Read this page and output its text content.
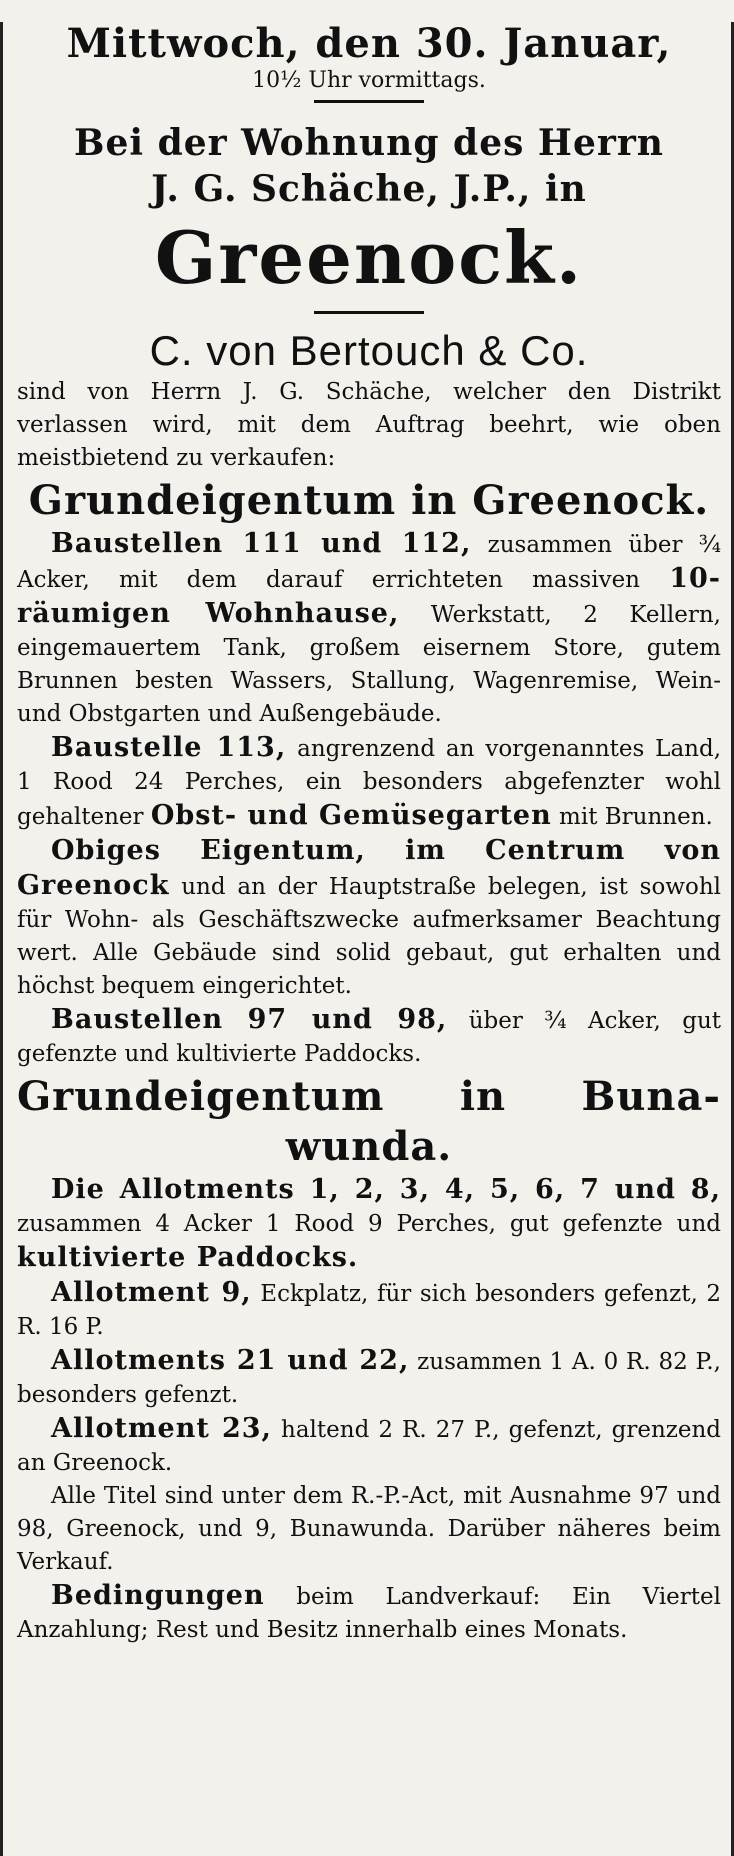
Mittwoch, den 30. Januar,
10½ Uhr vormittags.
Bei der Wohnung des Herrn
J. G. Schäche, J.P., in
Greenock.
C. von Bertouch & Co.

sind von Herrn J. G. Schäche, welcher den Distrikt verlassen wird, mit dem Auftrag beehrt, wie oben meistbietend zu verkaufen:

Grundeigentum in Greenock.

Baustellen 111 und 112, zusammen über ¾ Acker, mit dem darauf errichteten massiven 10-räumigen Wohnhause, Werkstatt, 2 Kellern, eingemauertem Tank, großem eisernem Store, gutem Brunnen besten Wassers, Stallung, Wagenremise, Wein- und Obstgarten und Außengebäude.

Baustelle 113, angrenzend an vorgenanntes Land, 1 Rood 24 Perches, ein besonders abgefenzter wohl gehaltener Obst- und Gemüsegarten mit Brunnen.

Obiges Eigentum, im Centrum von Greenock und an der Hauptstraße belegen, ist sowohl für Wohn- als Geschäftszwecke aufmerksamer Beachtung wert. Alle Gebäude sind solid gebaut, gut erhalten und höchst bequem eingerichtet.

Baustellen 97 und 98, über ¾ Acker, gut gefenzte und kultivierte Paddocks.

Grundeigentum in Buna-
wunda.

Die Allotments 1, 2, 3, 4, 5, 6, 7 und 8, zusammen 4 Acker 1 Rood 9 Perches, gut gefenzte und kultivierte Paddocks.

Allotment 9, Eckplatz, für sich besonders gefenzt, 2 R. 16 P.

Allotments 21 und 22, zusammen 1 A. 0 R. 82 P., besonders gefenzt.

Allotment 23, haltend 2 R. 27 P., gefenzt, grenzend an Greenock.

Alle Titel sind unter dem R.-P.-Act, mit Ausnahme 97 und 98, Greenock, und 9, Bunawunda. Darüber näheres beim Verkauf.

Bedingungen beim Landverkauf: Ein Viertel Anzahlung; Rest und Besitz innerhalb eines Monats.
